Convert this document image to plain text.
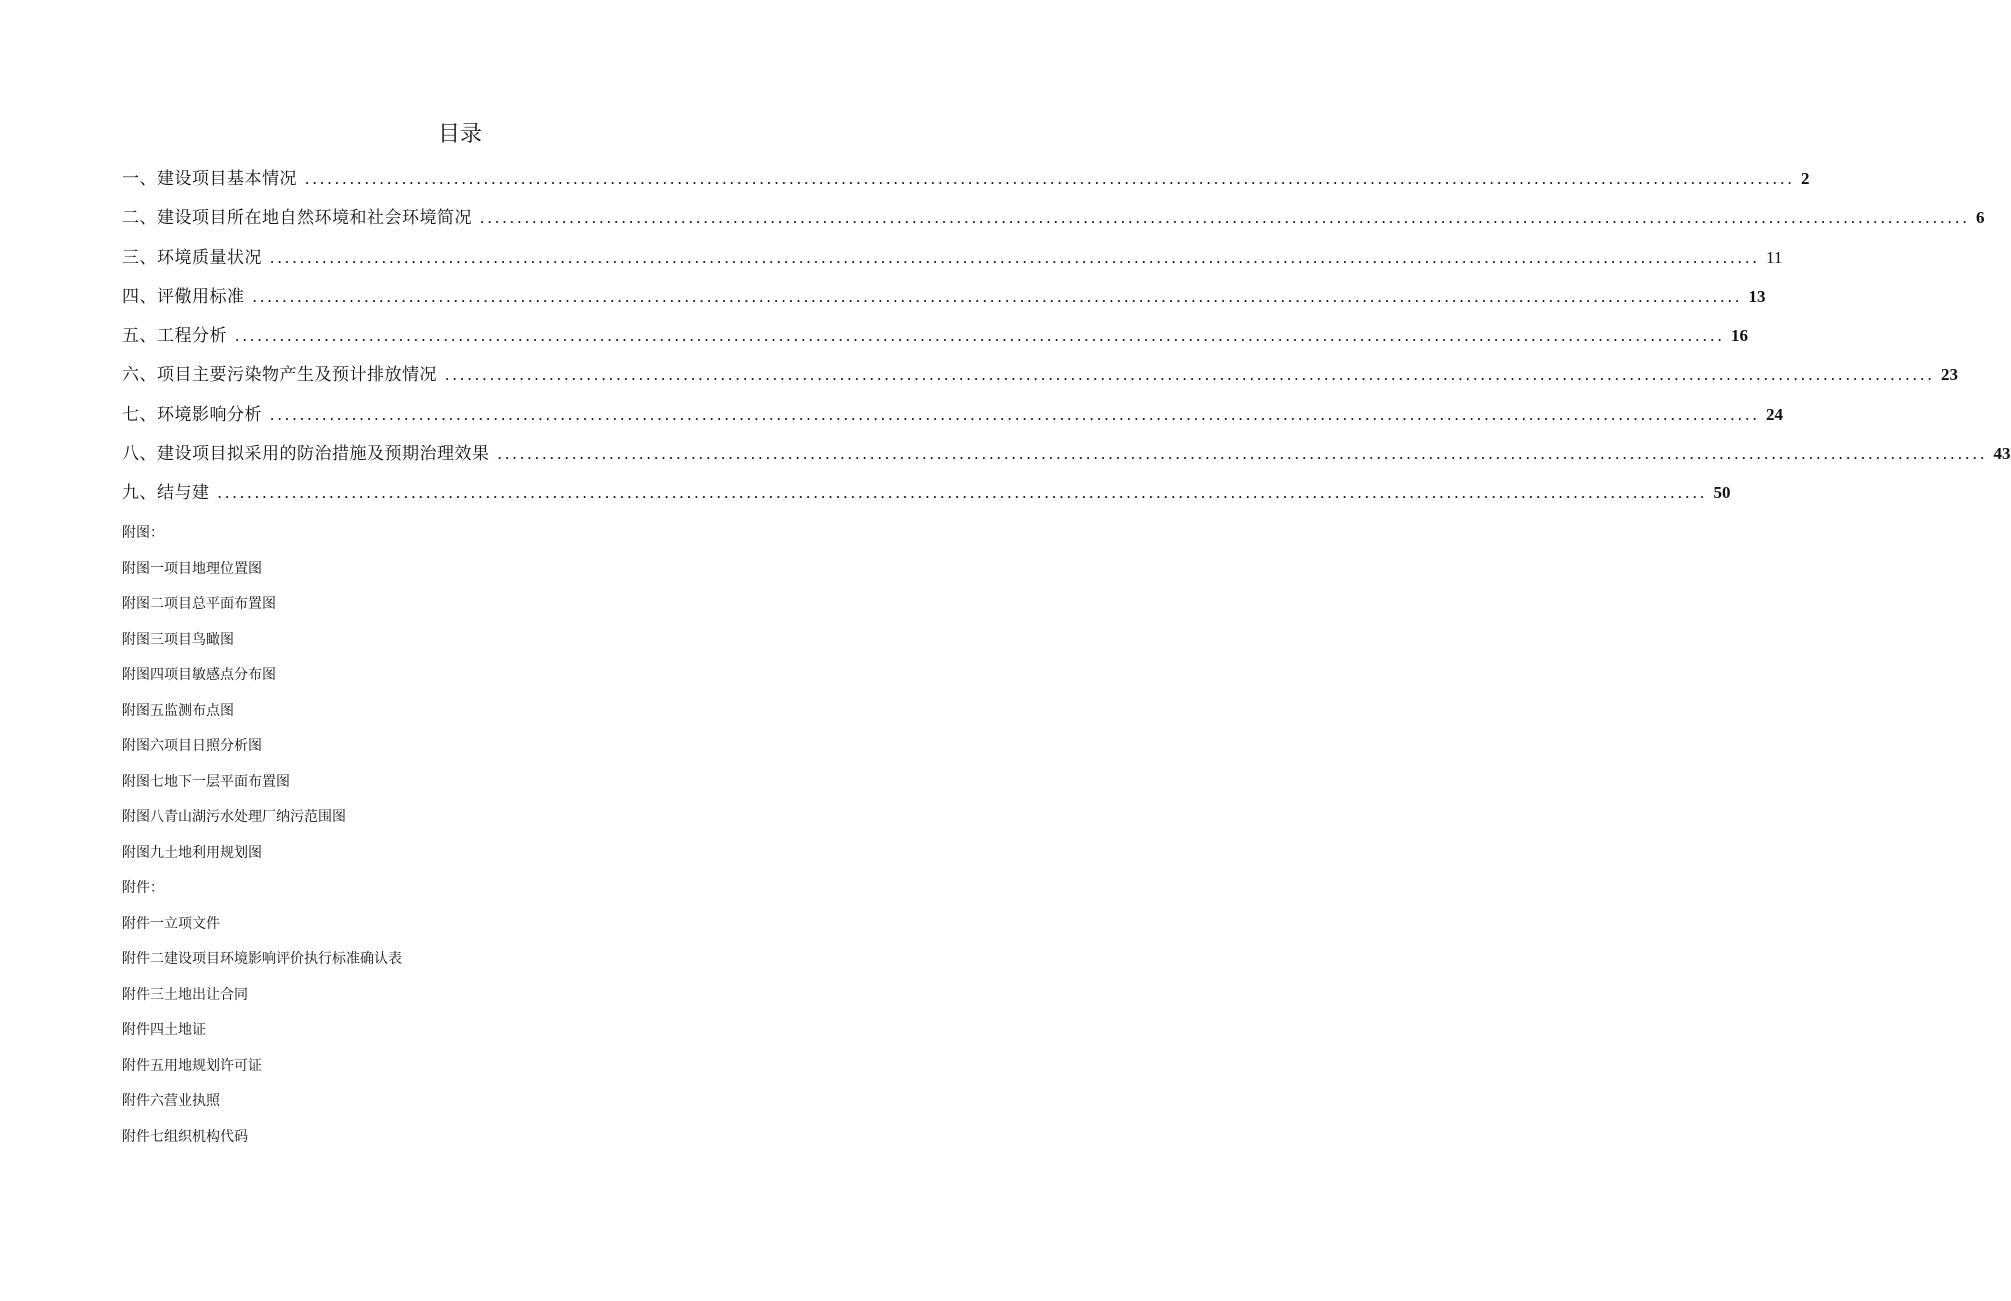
目录
一、建设项目基本情况 ........................................................................................................................................................................................................ 2
二、建设项目所在地自然环境和社会环境简况 ........................................................................................................................................................................................................ 6
三、环境质量状况 ........................................................................................................................................................................................................ 11
四、评儆用标准 ........................................................................................................................................................................................................ 13
五、工程分析 ........................................................................................................................................................................................................ 16
六、项目主要污染物产生及预计排放情况 ........................................................................................................................................................................................................ 23
七、环境影响分析 ........................................................................................................................................................................................................ 24
八、建设项目拟采用的防治措施及预期治理效果 ........................................................................................................................................................................................................ 43
九、结与建 ........................................................................................................................................................................................................ 50
附图：
附图一项目地理位置图
附图二项目总平面布置图
附图三项目鸟瞰图
附图四项目敏感点分布图
附图五监测布点图
附图六项目日照分析图
附图七地下一层平面布置图
附图八青山湖污水处理厂纳污范围图
附图九土地利用规划图
附件：
附件一立项文件
附件二建设项目环境影响评价执行标准确认表
附件三土地出让合同
附件四土地证
附件五用地规划许可证
附件六营业执照
附件七组织机构代码
